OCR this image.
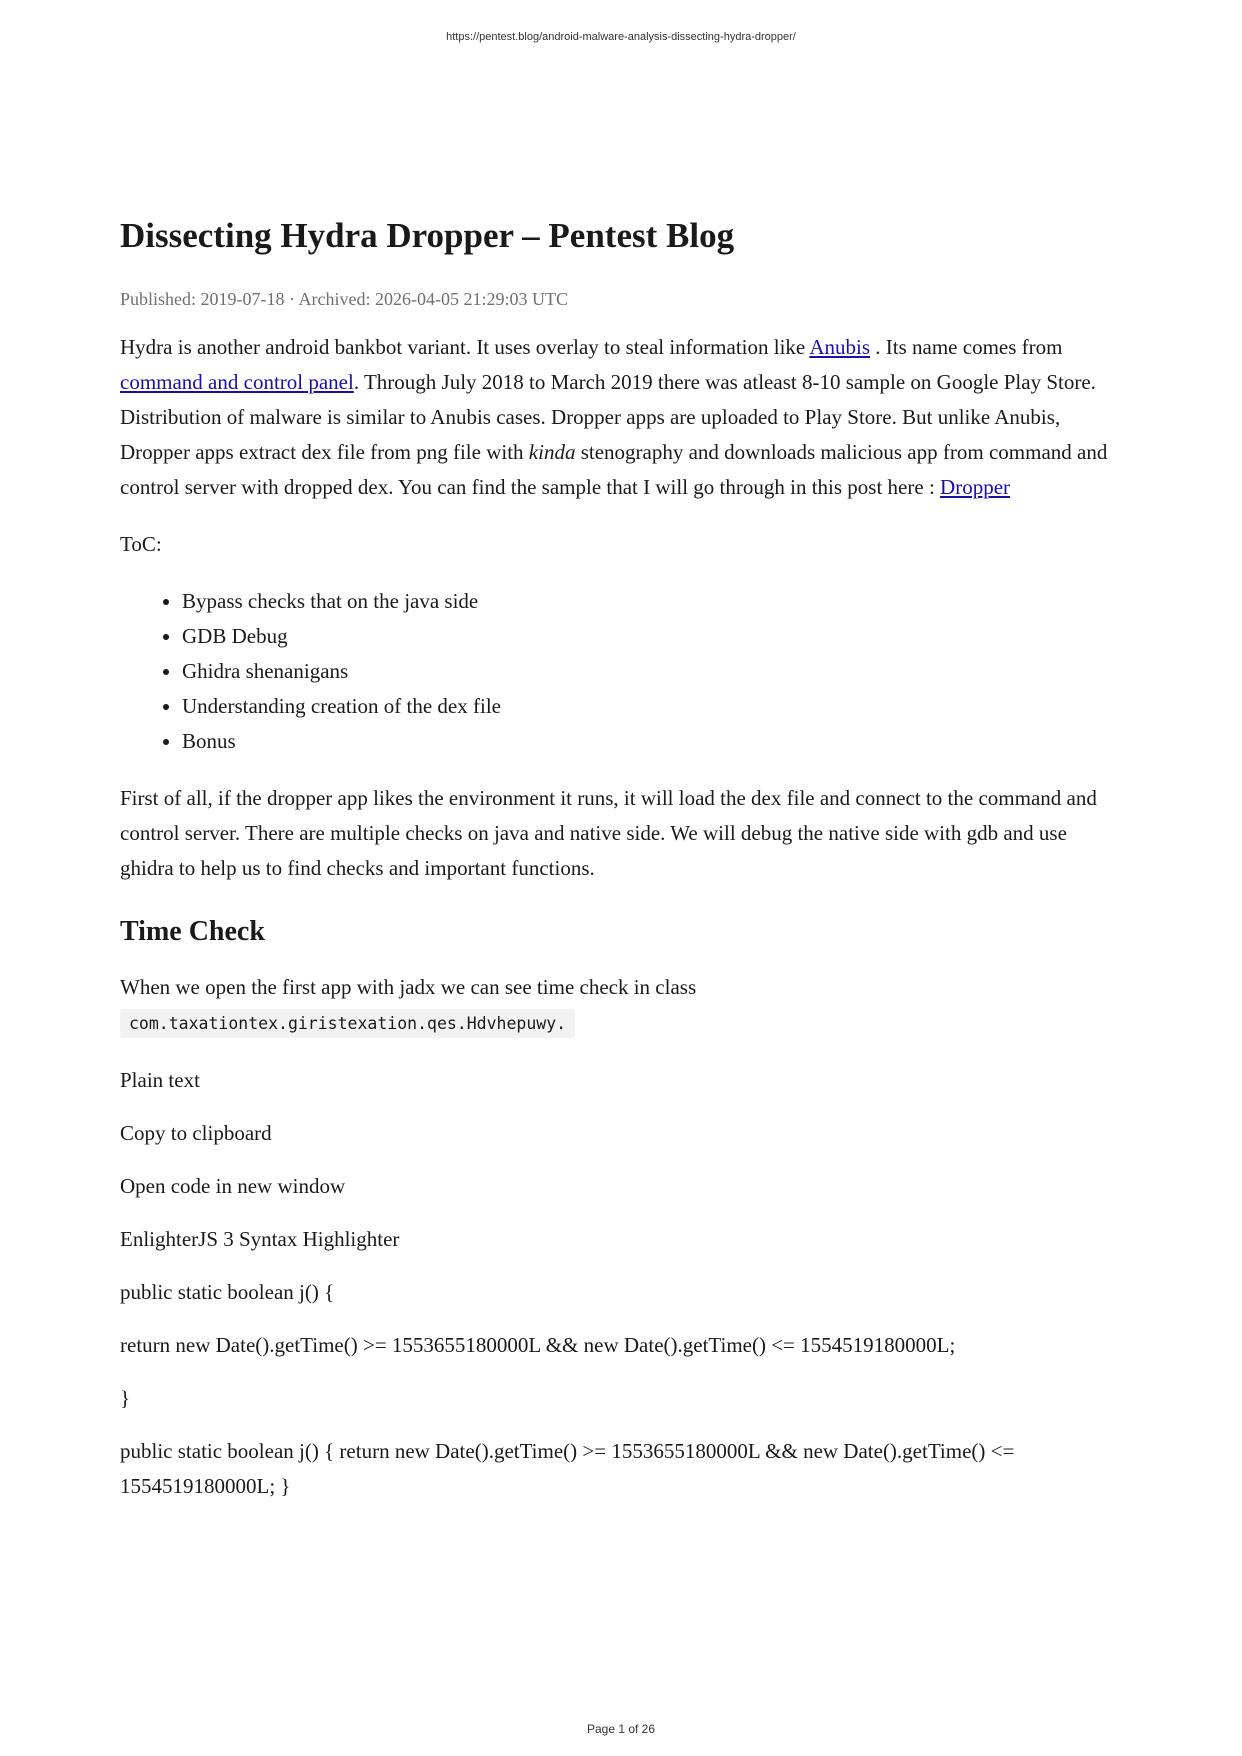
https://pentest.blog/android-malware-analysis-dissecting-hydra-dropper/
Dissecting Hydra Dropper – Pentest Blog
Published: 2019-07-18 · Archived: 2026-04-05 21:29:03 UTC

Hydra is another android bankbot variant. It uses overlay to steal information like Anubis . Its name comes from command and control panel. Through July 2018 to March 2019 there was atleast 8-10 sample on Google Play Store. Distribution of malware is similar to Anubis cases. Dropper apps are uploaded to Play Store. But unlike Anubis, Dropper apps extract dex file from png file with kinda stenography and downloads malicious app from command and control server with dropped dex. You can find the sample that I will go through in this post here : Dropper

ToC:

• Bypass checks that on the java side
• GDB Debug
• Ghidra shenanigans
• Understanding creation of the dex file
• Bonus

First of all, if the dropper app likes the environment it runs, it will load the dex file and connect to the command and control server. There are multiple checks on java and native side. We will debug the native side with gdb and use ghidra to help us to find checks and important functions.

Time Check

When we open the first app with jadx we can see time check in class
com.taxationtex.giristexation.qes.Hdvhepuwy.

Plain text

Copy to clipboard

Open code in new window

EnlighterJS 3 Syntax Highlighter

public static boolean j() {

return new Date().getTime() >= 1553655180000L && new Date().getTime() <= 1554519180000L;

}

public static boolean j() { return new Date().getTime() >= 1553655180000L && new Date().getTime() <= 1554519180000L; }

Page 1 of 26
